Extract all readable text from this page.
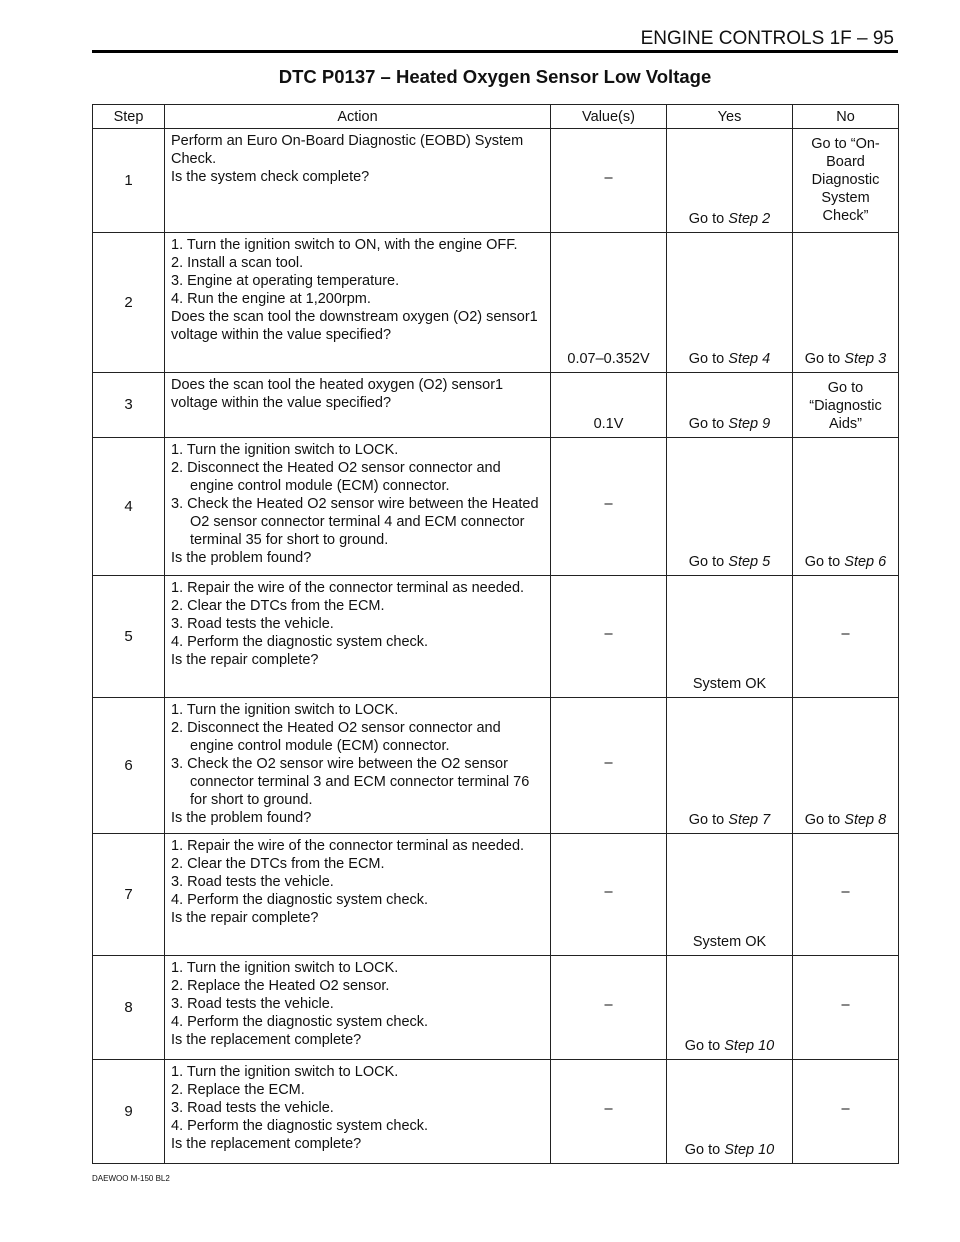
ENGINE CONTROLS 1F – 95
DTC P0137 – Heated Oxygen Sensor Low Voltage
Step	Action	Value(s)	Yes	No
1	Perform an Euro On-Board Diagnostic (EOBD) System Check.
Is the system check complete?	–	Go to Step 2	Go to “On-Board Diagnostic System Check”

2	1. Turn the ignition switch to ON, with the engine OFF.
2. Install a scan tool.
3. Engine at operating temperature.
4. Run the engine at 1,200rpm.
Does the scan tool the downstream oxygen (O2) sensor1 voltage within the value specified?	0.07–0.352V	Go to Step 4	Go to Step 3
3	Does the scan tool the heated oxygen (O2) sensor1 voltage within the value specified?	0.1V	Go to Step 9	Go to “Diagnostic Aids”

4	1. Turn the ignition switch to LOCK.
2. Disconnect the Heated O2 sensor connector and engine control module (ECM) connector.
3. Check the Heated O2 sensor wire between the Heated O2 sensor connector terminal 4 and ECM connector terminal 35 for short to ground.
Is the problem found?	–	Go to Step 5	Go to Step 6
5	1. Repair the wire of the connector terminal as needed.
2. Clear the DTCs from the ECM.
3. Road tests the vehicle.
4. Perform the diagnostic system check.
Is the repair complete?	–	System OK	–

6	1. Turn the ignition switch to LOCK.
2. Disconnect the Heated O2 sensor connector and engine control module (ECM) connector.
3. Check the O2 sensor wire between the O2 sensor connector terminal 3 and ECM connector terminal 76 for short to ground.
Is the problem found?	–	Go to Step 7	Go to Step 8
7	1. Repair the wire of the connector terminal as needed.
2. Clear the DTCs from the ECM.
3. Road tests the vehicle.
4. Perform the diagnostic system check.
Is the repair complete?	–	System OK	–

8	1. Turn the ignition switch to LOCK.
2. Replace the Heated O2 sensor.
3. Road tests the vehicle.
4. Perform the diagnostic system check.
Is the replacement complete?	–	Go to Step 10	–

9	1. Turn the ignition switch to LOCK.
2. Replace the ECM.
3. Road tests the vehicle.
4. Perform the diagnostic system check.
Is the replacement complete?	–	Go to Step 10	–
DAEWOO M-150 BL2
